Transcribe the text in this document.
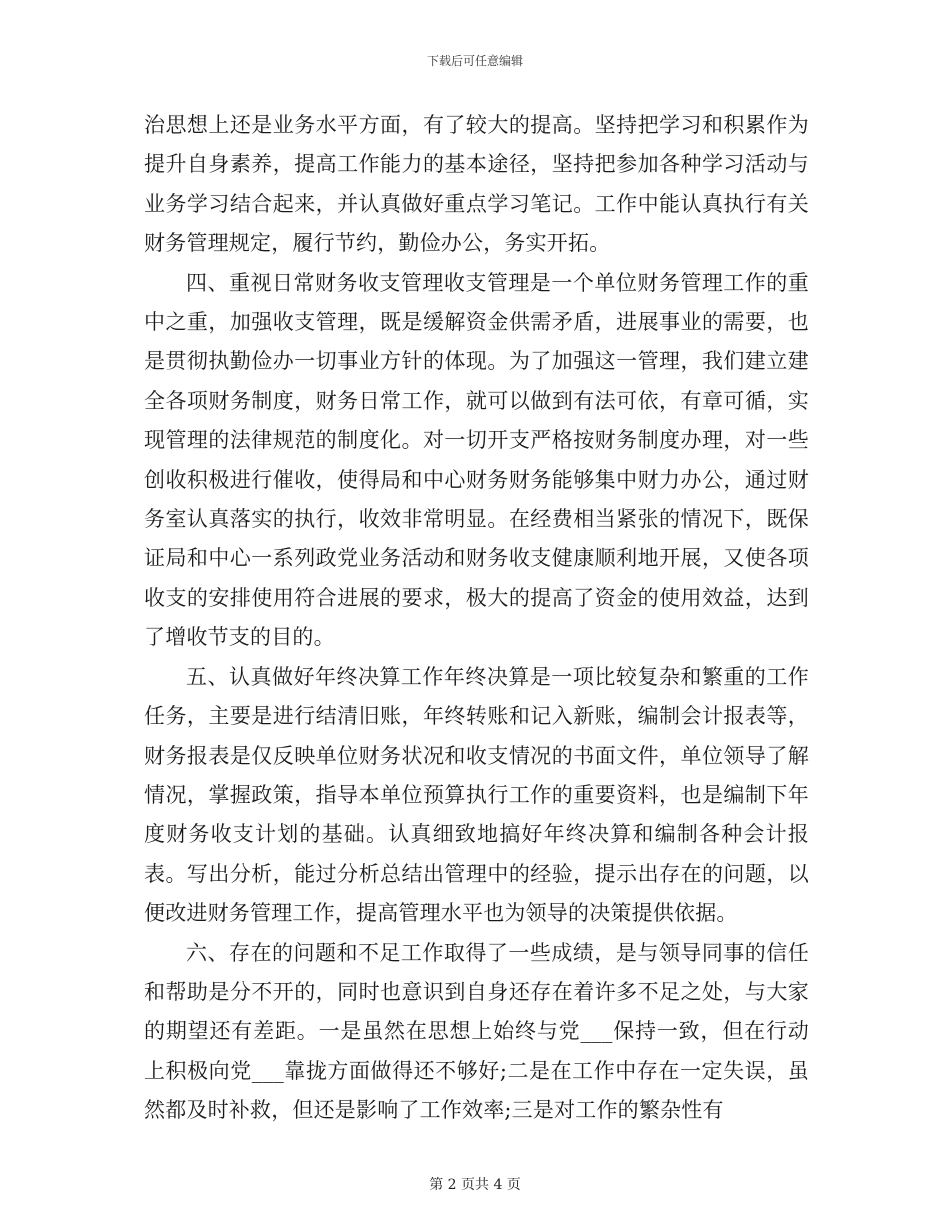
下载后可任意编辑

治思想上还是业务水平方面，有了较大的提高。坚持把学习和积累作为提升自身素养，提高工作能力的基本途径，坚持把参加各种学习活动与业务学习结合起来，并认真做好重点学习笔记。工作中能认真执行有关财务管理规定，履行节约，勤俭办公，务实开拓。

四、重视日常财务收支管理收支管理是一个单位财务管理工作的重中之重，加强收支管理，既是缓解资金供需矛盾，进展事业的需要，也是贯彻执勤俭办一切事业方针的体现。为了加强这一管理，我们建立建全各项财务制度，财务日常工作，就可以做到有法可依，有章可循，实现管理的法律规范的制度化。对一切开支严格按财务制度办理，对一些创收积极进行催收，使得局和中心财务财务能够集中财力办公，通过财务室认真落实的执行，收效非常明显。在经费相当紧张的情况下，既保证局和中心一系列政党业务活动和财务收支健康顺利地开展，又使各项收支的安排使用符合进展的要求，极大的提高了资金的使用效益，达到了增收节支的目的。

五、认真做好年终决算工作年终决算是一项比较复杂和繁重的工作任务，主要是进行结清旧账，年终转账和记入新账，编制会计报表等，财务报表是仅反映单位财务状况和收支情况的书面文件，单位领导了解情况，掌握政策，指导本单位预算执行工作的重要资料，也是编制下年度财务收支计划的基础。认真细致地搞好年终决算和编制各种会计报表。写出分析，能过分析总结出管理中的经验，提示出存在的问题，以便改进财务管理工作，提高管理水平也为领导的决策提供依据。

六、存在的问题和不足工作取得了一些成绩，是与领导同事的信任和帮助是分不开的，同时也意识到自身还存在着许多不足之处，与大家的期望还有差距。一是虽然在思想上始终与党___保持一致，但在行动上积极向党___靠拢方面做得还不够好;二是在工作中存在一定失误，虽然都及时补救，但还是影响了工作效率;三是对工作的繁杂性有

第 2 页共 4 页
